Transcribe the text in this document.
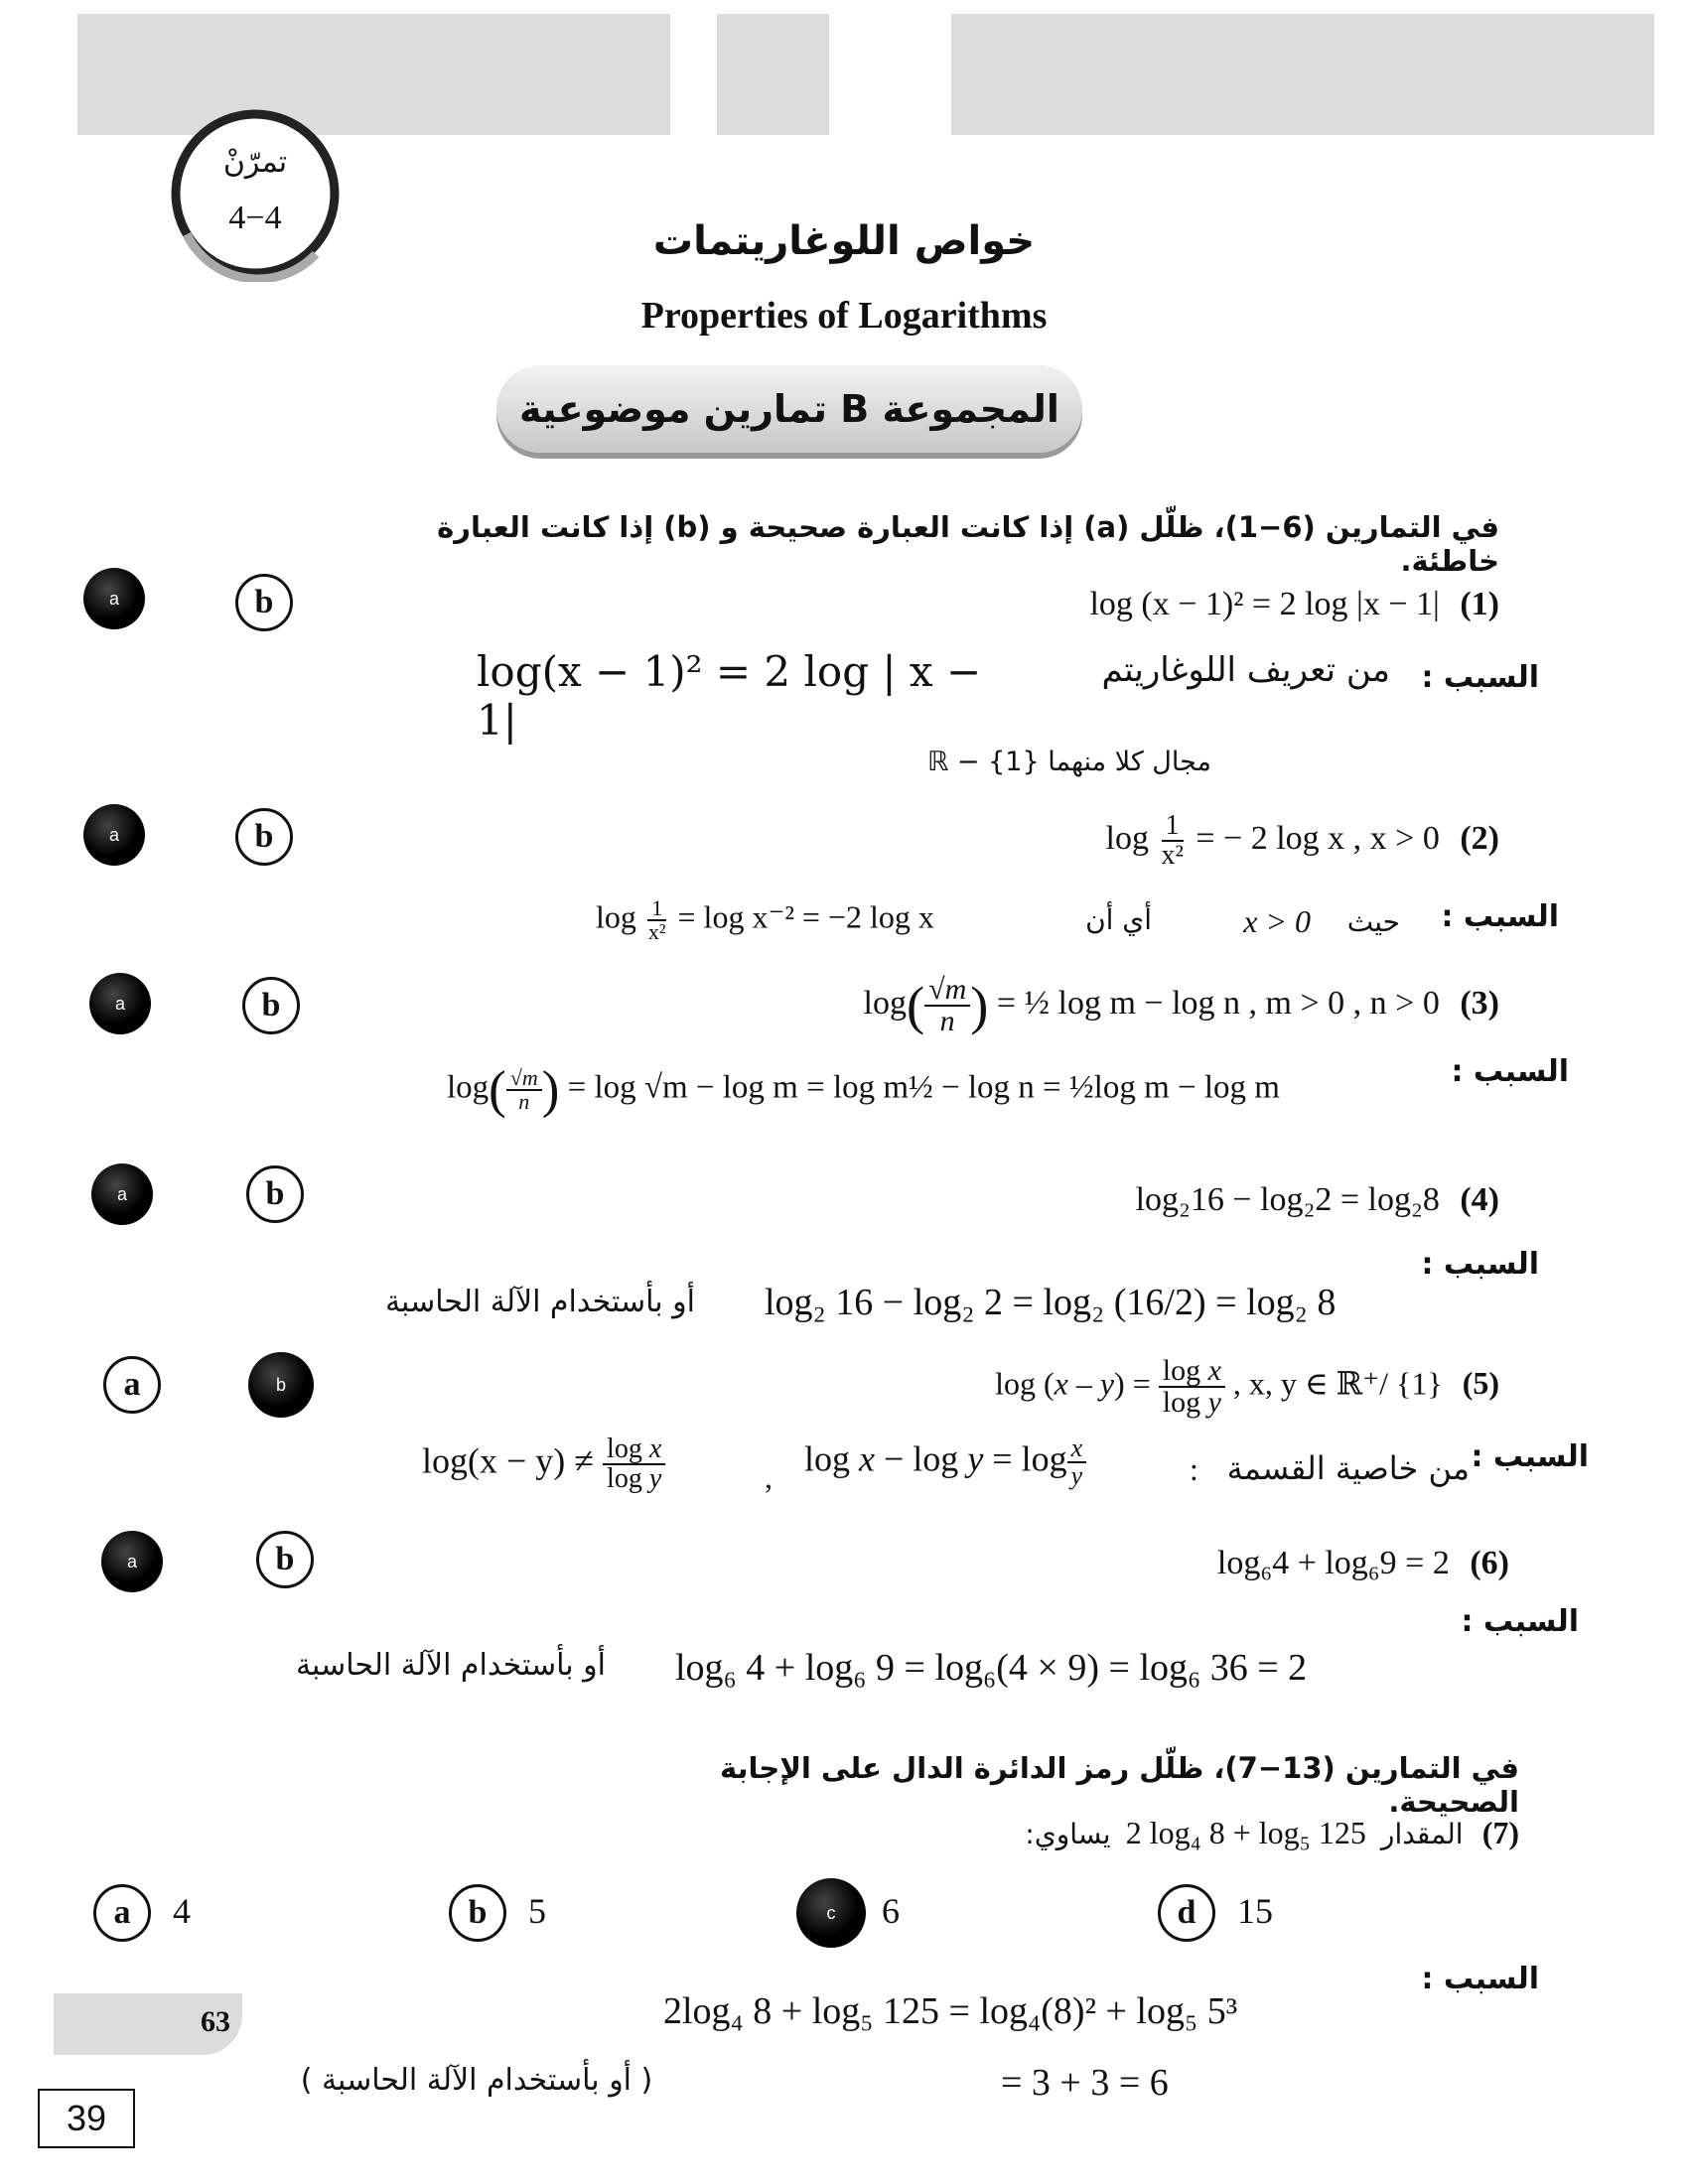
تمرّنْ
4−4
خواص اللوغاريتمات
Properties of Logarithms
المجموعة B تمارين موضوعية
في التمارين (6−1)، ظلّل (a) إذا كانت العبارة صحيحة و (b) إذا كانت العبارة خاطئة.
a	b	log (x − 1)² = 2 log |x − 1| (1)
السبب :
من تعريف اللوغاريتم
log(x − 1)² = 2 log | x − 1|
مجال كلا منهما ℝ − {1}
a	b	$\log \frac{1}{\text{x²}}$ = − 2 log x , x > 0 (2)
السبب :
حيث
x > 0
أي أن
$\log \frac{1}{\text{x²}} = \log x^{-2} = -2$ log x
a	b	$\log( \frac{√m}{n}$ ) = ½ log m − log n , m > 0 , n > 0 (3)
السبب :
$\log( \frac{√m}{n}$ ) = log √m − log m = log m½ − log n = ½log m − log m
a	b	log₂16 − log₂2 = log₂8 (4)
السبب :
log₂ 16 − log₂ 2 = log₂ (16/2) = log₂ 8
أو بأستخدام الآلة الحاسبة
a	b	$\log (x - y) = \frac{\text{log x}}{\text{log y}}$ , x, y ∈ ℝ⁺/ {1} (5)
السبب :
من خاصية القسمة
:
$\log x - \log y = \log \frac{x}{y}$
,
$\log(x - y) \ne \frac{\text{log x}}{\text{log y}}$
a	b	log₆4 + log₆9 = 2 (6)
السبب :
log₆ 4 + log₆ 9 = log₆(4 × 9) = log₆ 36 = 2
أو بأستخدام الآلة الحاسبة
في التمارين (13−7)، ظلّل رمز الدائرة الدال على الإجابة الصحيحة.
يساوي: 2 log₄ 8 + log₅ 125 المقدار (7)
a	4	b	5	c	6	d	15
السبب :
2log₄ 8 + log₅ 125 = log₄(8)² + log₅ 5³
= 3 + 3 = 6
( أو بأستخدام الآلة الحاسبة )
63
39
